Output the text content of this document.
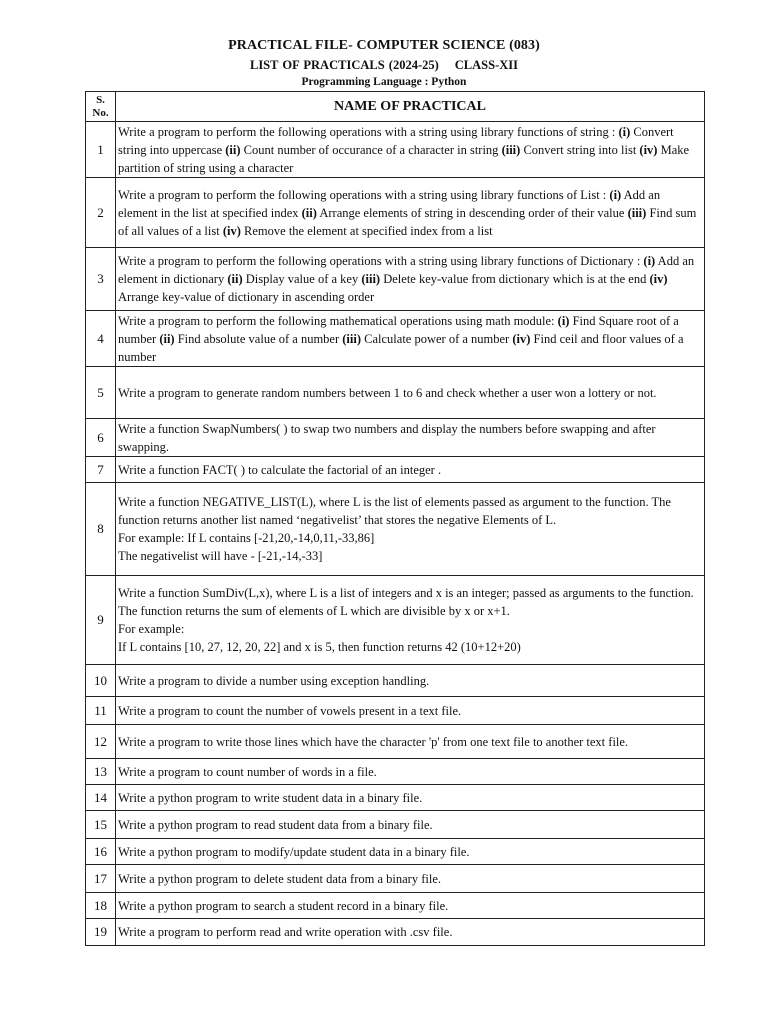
PRACTICAL FILE- COMPUTER SCIENCE (083)
LIST OF PRACTICALS (2024-25) CLASS-XII
Programming Language : Python
S.
No.	NAME OF PRACTICAL
1	Write a program to perform the following operations with a string using library functions of string : (i) Convert string into uppercase (ii) Count number of occurance of a character in string (iii) Convert string into list (iv) Make partition of string using a character
2	Write a program to perform the following operations with a string using library functions of List : (i) Add an element in the list at specified index (ii) Arrange elements of string in descending order of their value (iii) Find sum of all values of a list (iv) Remove the element at specified index from a list
3	Write a program to perform the following operations with a string using library functions of Dictionary : (i) Add an element in dictionary (ii) Display value of a key (iii) Delete key-value from dictionary which is at the end (iv) Arrange key-value of dictionary in ascending order
4	Write a program to perform the following mathematical operations using math module: (i) Find Square root of a number (ii) Find absolute value of a number (iii) Calculate power of a number (iv) Find ceil and floor values of a number
5	Write a program to generate random numbers between 1 to 6 and check whether a user won a lottery or not.
6	Write a function SwapNumbers( ) to swap two numbers and display the numbers before swapping and after swapping.
7	Write a function FACT( ) to calculate the factorial of an integer .
8	Write a function NEGATIVE_LIST(L), where L is the list of elements passed as argument to the function. The function returns another list named ‘negativelist’ that stores the negative Elements of L.
For example: If L contains [-21,20,-14,0,11,-33,86]
The negativelist will have - [-21,-14,-33]

9	Write a function SumDiv(L,x), where L is a list of integers and x is an integer; passed as arguments to the function. The function returns the sum of elements of L which are divisible by x or x+1.
For example:
If L contains [10, 27, 12, 20, 22] and x is 5, then function returns 42 (10+12+20)

10	Write a program to divide a number using exception handling.
11	Write a program to count the number of vowels present in a text file.
12	Write a program to write those lines which have the character 'p' from one text file to another text file.
13	Write a program to count number of words in a file.
14	Write a python program to write student data in a binary file.
15	Write a python program to read student data from a binary file.
16	Write a python program to modify/update student data in a binary file.
17	Write a python program to delete student data from a binary file.
18	Write a python program to search a student record in a binary file.
19	Write a program to perform read and write operation with .csv file.
